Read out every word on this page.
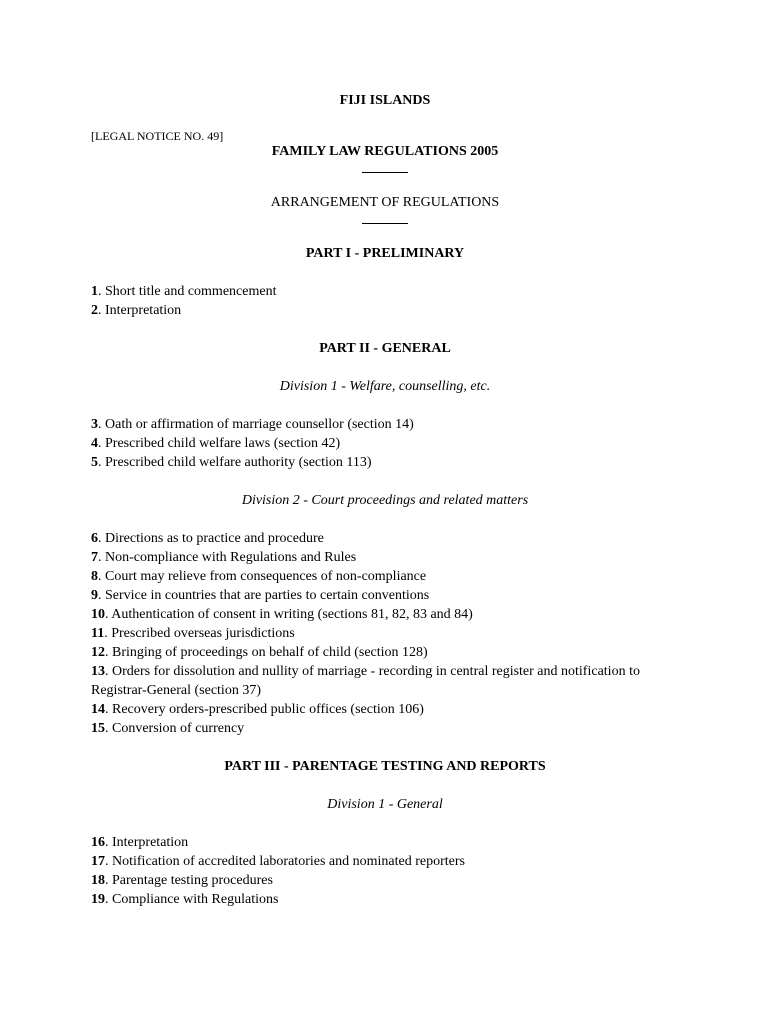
FIJI ISLANDS
[LEGAL NOTICE NO. 49]
FAMILY LAW REGULATIONS 2005
ARRANGEMENT OF REGULATIONS
PART I - PRELIMINARY
1. Short title and commencement
2. Interpretation
PART II - GENERAL
Division 1 - Welfare, counselling, etc.
3. Oath or affirmation of marriage counsellor (section 14)
4. Prescribed child welfare laws (section 42)
5. Prescribed child welfare authority (section 113)
Division 2 - Court proceedings and related matters
6. Directions as to practice and procedure
7. Non-compliance with Regulations and Rules
8. Court may relieve from consequences of non-compliance
9. Service in countries that are parties to certain conventions
10. Authentication of consent in writing (sections 81, 82, 83 and 84)
11. Prescribed overseas jurisdictions
12. Bringing of proceedings on behalf of child (section 128)
13. Orders for dissolution and nullity of marriage - recording in central register and notification to Registrar-General (section 37)
14. Recovery orders-prescribed public offices (section 106)
15. Conversion of currency
PART III - PARENTAGE TESTING AND REPORTS
Division 1 - General
16. Interpretation
17. Notification of accredited laboratories and nominated reporters
18. Parentage testing procedures
19. Compliance with Regulations
